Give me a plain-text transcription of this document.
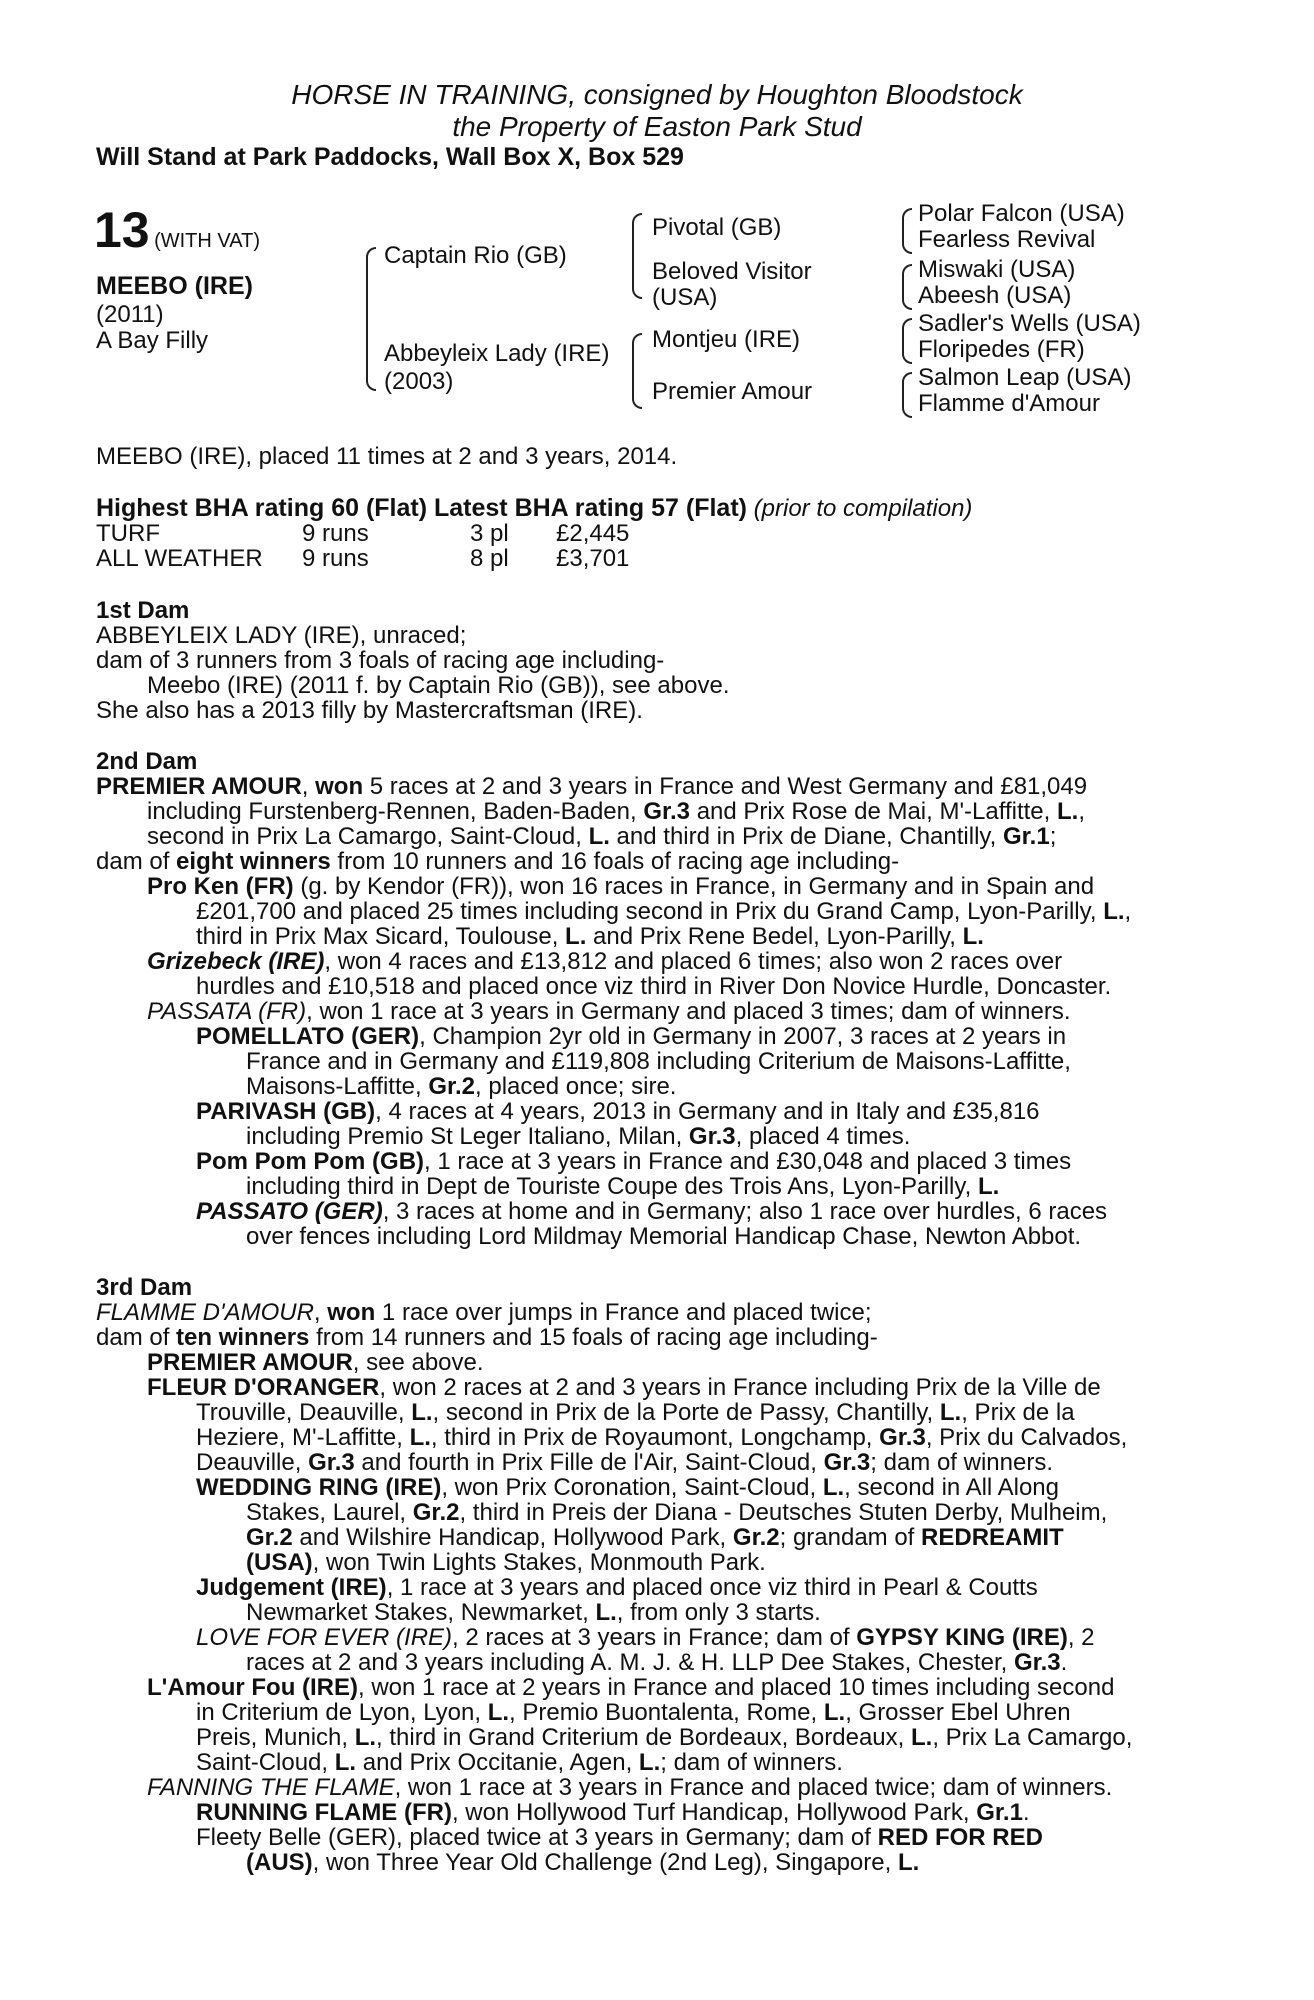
HORSE IN TRAINING, consigned by Houghton Bloodstock
the Property of Easton Park Stud
Will Stand at Park Paddocks, Wall Box X, Box 529
13 (WITH VAT)
MEEBO (IRE)
(2011)
A Bay Filly
Captain Rio (GB)
Abbeyleix Lady (IRE)
(2003)
Pivotal (GB)
Beloved Visitor
(USA)
Montjeu (IRE)
Premier Amour
Polar Falcon (USA)
Fearless Revival
Miswaki (USA)
Abeesh (USA)
Sadler's Wells (USA)
Floripedes (FR)
Salmon Leap (USA)
Flamme d'Amour
MEEBO (IRE), placed 11 times at 2 and 3 years, 2014.
Highest BHA rating 60 (Flat) Latest BHA rating 57 (Flat) (prior to compilation)
TURF	9 runs	3 pl £2,445
ALL WEATHER 9 runs	8 pl £3,701
1st Dam
ABBEYLEIX LADY (IRE), unraced;
dam of 3 runners from 3 foals of racing age including-
Meebo (IRE) (2011 f. by Captain Rio (GB)), see above.
She also has a 2013 filly by Mastercraftsman (IRE).
2nd Dam
PREMIER AMOUR, won 5 races at 2 and 3 years in France and West Germany and £81,049
including Furstenberg-Rennen, Baden-Baden, Gr.3 and Prix Rose de Mai, M'-Laffitte, L.,
second in Prix La Camargo, Saint-Cloud, L. and third in Prix de Diane, Chantilly, Gr.1;
dam of eight winners from 10 runners and 16 foals of racing age including-
Pro Ken (FR) (g. by Kendor (FR)), won 16 races in France, in Germany and in Spain and
£201,700 and placed 25 times including second in Prix du Grand Camp, Lyon-Parilly, L.,
third in Prix Max Sicard, Toulouse, L. and Prix Rene Bedel, Lyon-Parilly, L.
Grizebeck (IRE), won 4 races and £13,812 and placed 6 times; also won 2 races over
hurdles and £10,518 and placed once viz third in River Don Novice Hurdle, Doncaster.
PASSATA (FR), won 1 race at 3 years in Germany and placed 3 times; dam of winners.
POMELLATO (GER), Champion 2yr old in Germany in 2007, 3 races at 2 years in
France and in Germany and £119,808 including Criterium de Maisons-Laffitte,
Maisons-Laffitte, Gr.2, placed once; sire.
PARIVASH (GB), 4 races at 4 years, 2013 in Germany and in Italy and £35,816
including Premio St Leger Italiano, Milan, Gr.3, placed 4 times.
Pom Pom Pom (GB), 1 race at 3 years in France and £30,048 and placed 3 times
including third in Dept de Touriste Coupe des Trois Ans, Lyon-Parilly, L.
PASSATO (GER), 3 races at home and in Germany; also 1 race over hurdles, 6 races
over fences including Lord Mildmay Memorial Handicap Chase, Newton Abbot.
3rd Dam
FLAMME D'AMOUR, won 1 race over jumps in France and placed twice;
dam of ten winners from 14 runners and 15 foals of racing age including-
PREMIER AMOUR, see above.
FLEUR D'ORANGER, won 2 races at 2 and 3 years in France including Prix de la Ville de
Trouville, Deauville, L., second in Prix de la Porte de Passy, Chantilly, L., Prix de la
Heziere, M'-Laffitte, L., third in Prix de Royaumont, Longchamp, Gr.3, Prix du Calvados,
Deauville, Gr.3 and fourth in Prix Fille de l'Air, Saint-Cloud, Gr.3; dam of winners.
WEDDING RING (IRE), won Prix Coronation, Saint-Cloud, L., second in All Along
Stakes, Laurel, Gr.2, third in Preis der Diana - Deutsches Stuten Derby, Mulheim,
Gr.2 and Wilshire Handicap, Hollywood Park, Gr.2; grandam of REDREAMIT
(USA), won Twin Lights Stakes, Monmouth Park.
Judgement (IRE), 1 race at 3 years and placed once viz third in Pearl & Coutts
Newmarket Stakes, Newmarket, L., from only 3 starts.
LOVE FOR EVER (IRE), 2 races at 3 years in France; dam of GYPSY KING (IRE), 2
races at 2 and 3 years including A. M. J. & H. LLP Dee Stakes, Chester, Gr.3.
L'Amour Fou (IRE), won 1 race at 2 years in France and placed 10 times including second
in Criterium de Lyon, Lyon, L., Premio Buontalenta, Rome, L., Grosser Ebel Uhren
Preis, Munich, L., third in Grand Criterium de Bordeaux, Bordeaux, L., Prix La Camargo,
Saint-Cloud, L. and Prix Occitanie, Agen, L.; dam of winners.
FANNING THE FLAME, won 1 race at 3 years in France and placed twice; dam of winners.
RUNNING FLAME (FR), won Hollywood Turf Handicap, Hollywood Park, Gr.1.
Fleety Belle (GER), placed twice at 3 years in Germany; dam of RED FOR RED
(AUS), won Three Year Old Challenge (2nd Leg), Singapore, L.
